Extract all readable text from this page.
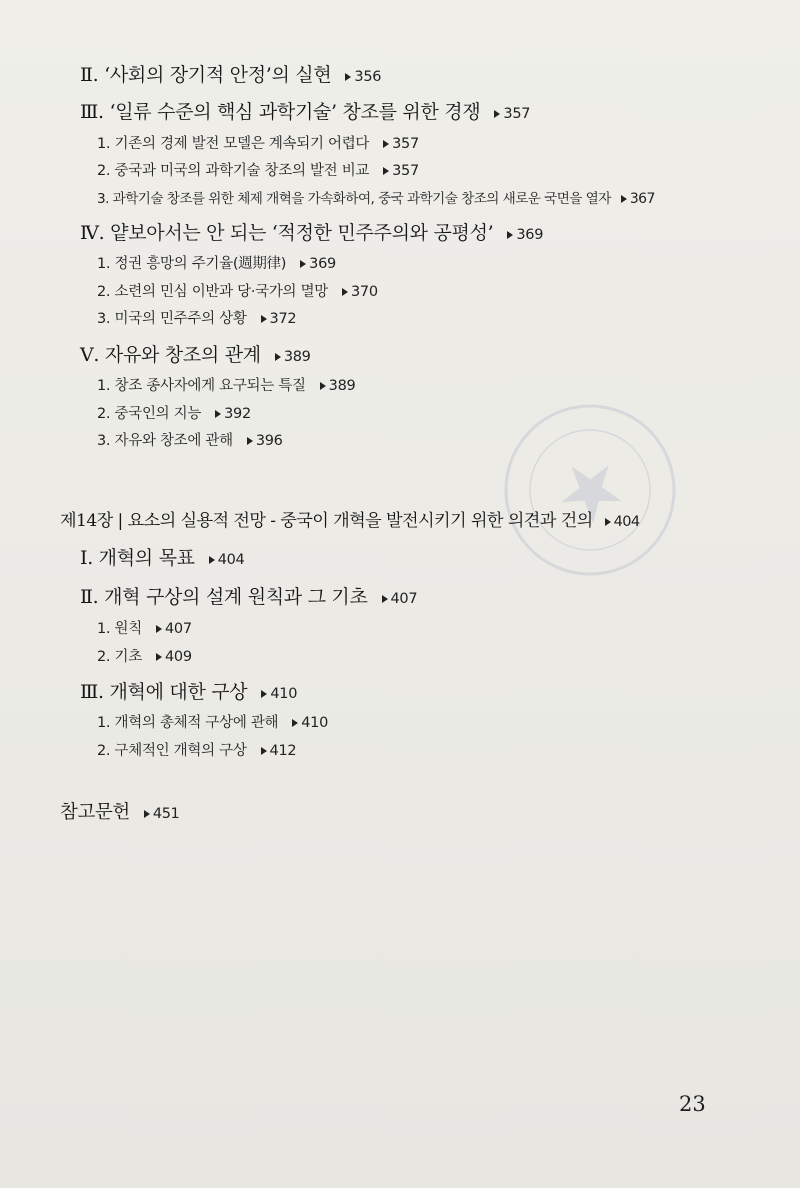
Ⅱ. ‘사회의 장기적 안정’의 실현	356
Ⅲ. ‘일류 수준의 핵심 과학기술’ 창조를 위한 경쟁	357
1. 기존의 경제 발전 모델은 계속되기 어렵다	357
2. 중국과 미국의 과학기술 창조의 발전 비교	357
3. 과학기술 창조를 위한 체제 개혁을 가속화하여, 중국 과학기술 창조의 새로운 국면을 열자	367
Ⅳ. 얕보아서는 안 되는 ‘적정한 민주주의와 공평성’	369
1. 정권 흥망의 주기율(週期律)	369
2. 소련의 민심 이반과 당·국가의 멸망	370
3. 미국의 민주주의 상황	372
Ⅴ. 자유와 창조의 관계	389
1. 창조 종사자에게 요구되는 특질	389
2. 중국인의 지능	392
3. 자유와 창조에 관해	396
제14장 | 요소의 실용적 전망 - 중국이 개혁을 발전시키기 위한 의견과 건의	404
Ⅰ. 개혁의 목표	404
Ⅱ. 개혁 구상의 설계 원칙과 그 기초	407
1. 원칙	407
2. 기초	409
Ⅲ. 개혁에 대한 구상	410
1. 개혁의 총체적 구상에 관해	410
2. 구체적인 개혁의 구상	412
참고문헌	451
23
